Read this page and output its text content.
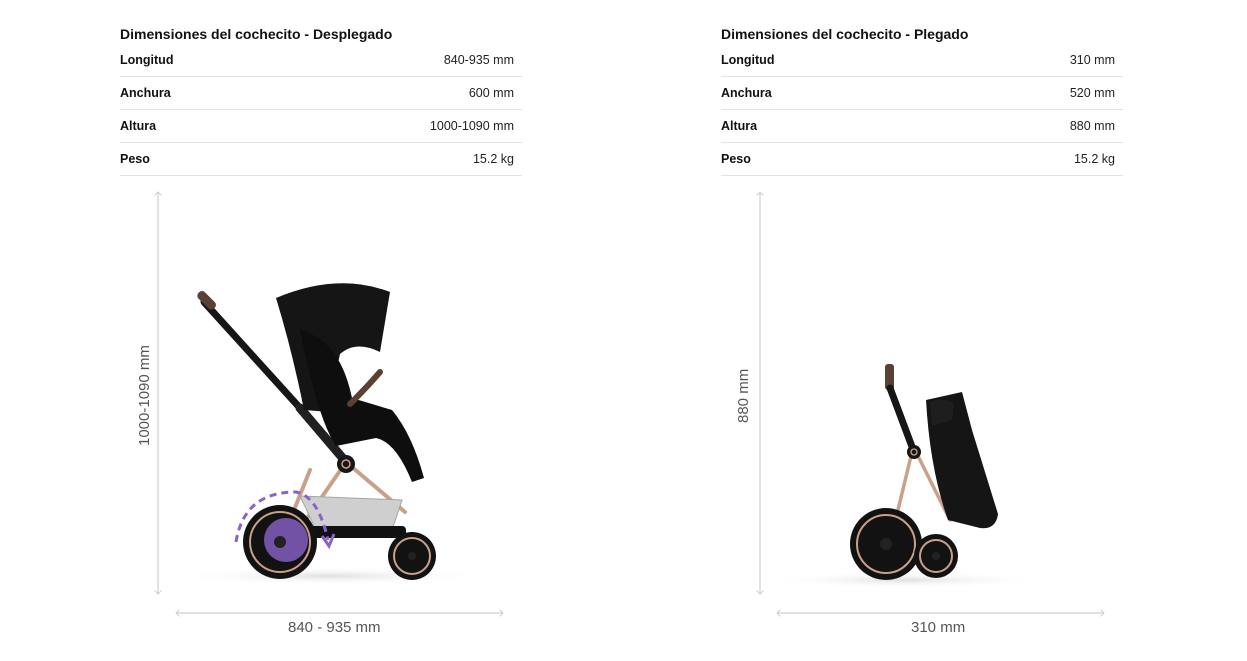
Dimensiones del cochecito - Desplegado
Longitud	840-935 mm
Anchura	600 mm
Altura	1000-1090 mm
Peso	15.2 kg
Dimensiones del cochecito - Plegado
Longitud	310 mm
Anchura	520 mm
Altura	880 mm
Peso	15.2 kg
1000-1090 mm
840 - 935 mm
880 mm
310 mm
